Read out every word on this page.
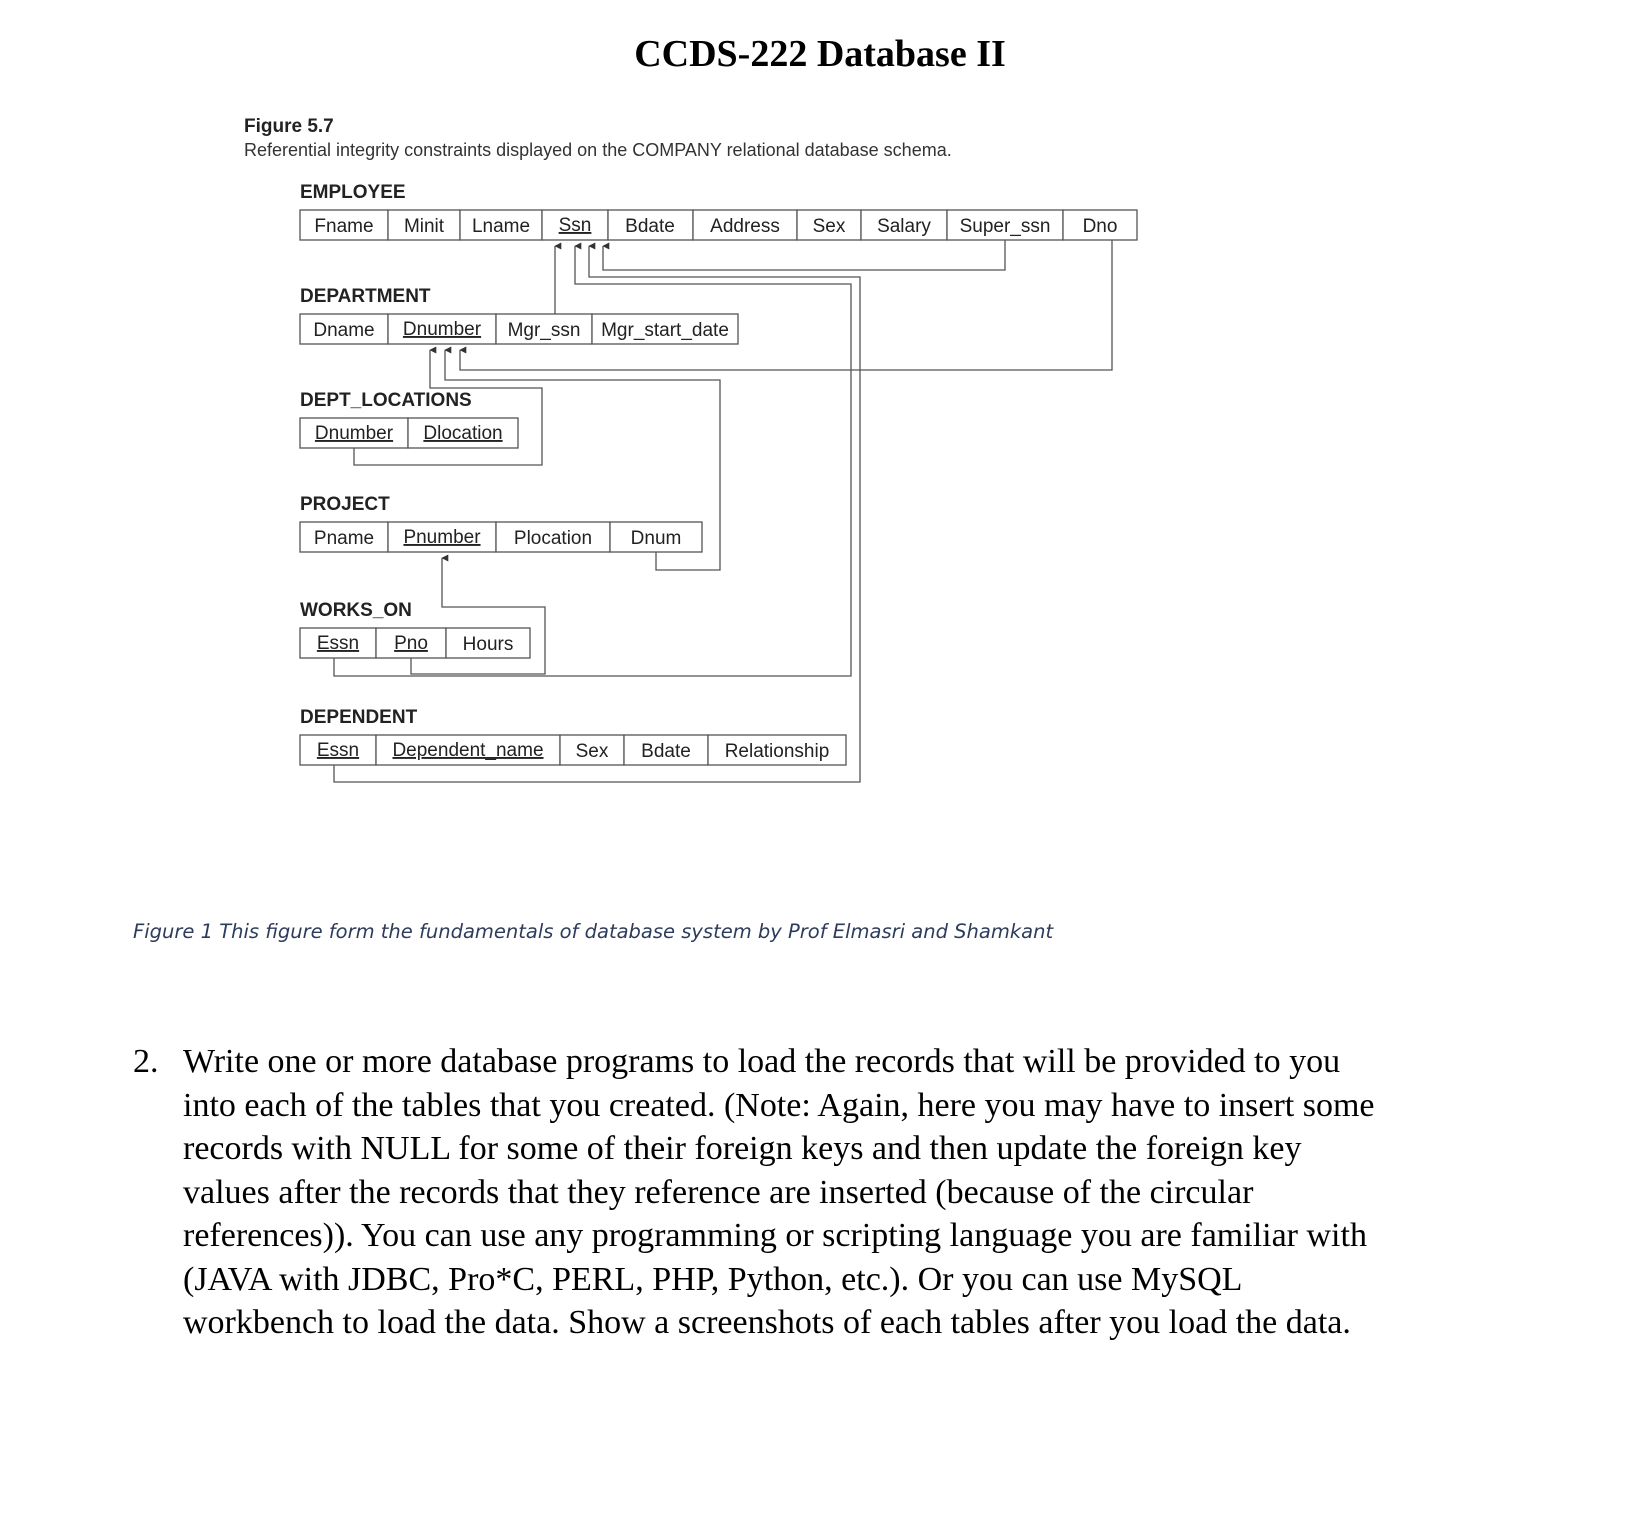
CCDS-222 Database II
Figure 5.7
Referential integrity constraints displayed on the COMPANY relational database schema.
EMPLOYEE
Fname Minit Lname Ssn Bdate Address Sex Salary Super_ssn Dno
DEPARTMENT
Dname Dnumber Mgr_ssn Mgr_start_date
DEPT_LOCATIONS
Dnumber Dlocation
PROJECT
Pname Pnumber Plocation Dnum
WORKS_ON
Essn Pno Hours
DEPENDENT
Essn Dependent_name Sex Bdate Relationship
Figure 1 This figure form the fundamentals of database system by Prof Elmasri and Shamkant
2. Write one or more database programs to load the records that will be provided to you into each of the tables that you created. (Note: Again, here you may have to insert some records with NULL for some of their foreign keys and then update the foreign key values after the records that they reference are inserted (because of the circular references)). You can use any programming or scripting language you are familiar with (JAVA with JDBC, Pro*C, PERL, PHP, Python, etc.). Or you can use MySQL workbench to load the data. Show a screenshots of each tables after you load the data.
